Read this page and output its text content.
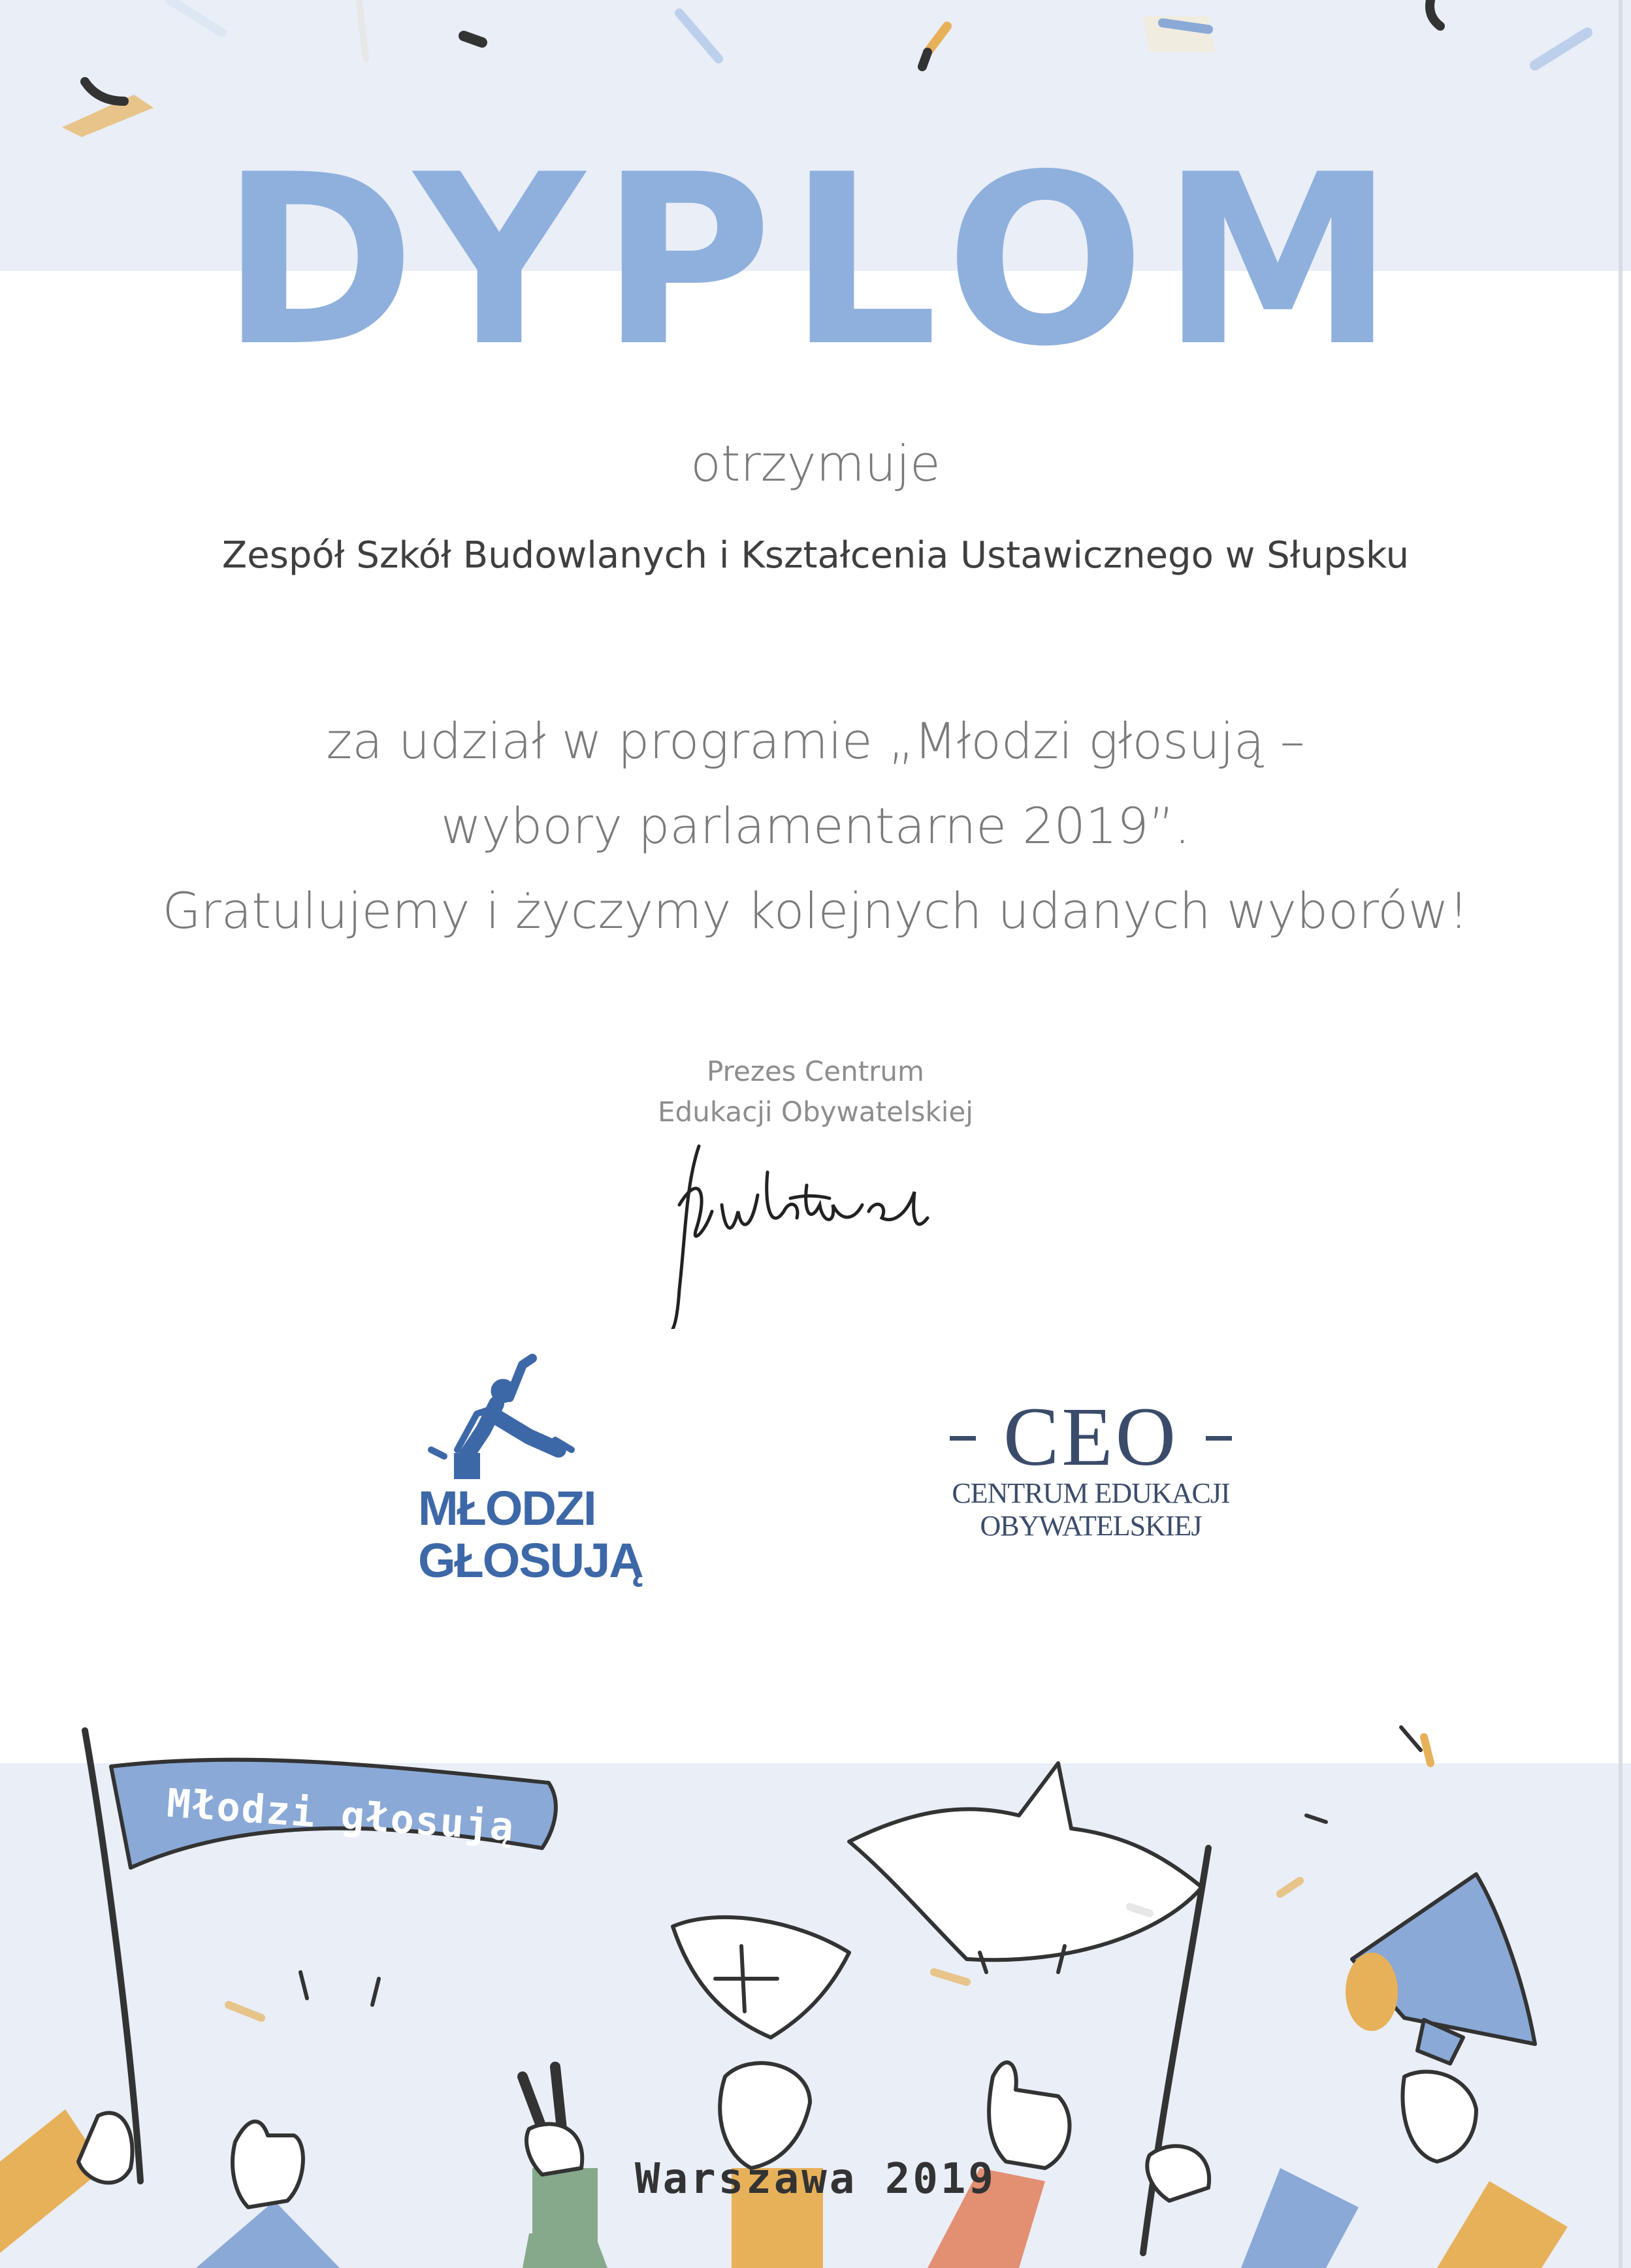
DYPLOM
otrzymuje
Zespół Szkół Budowlanych i Kształcenia Ustawicznego w Słupsku
za udział w programie „Młodzi głosują –
wybory parlamentarne 2019”.
Gratulujemy i życzymy kolejnych udanych wyborów!
Prezes Centrum
Edukacji Obywatelskiej
MŁODZI
GŁOSUJĄ
CEO
CENTRUM EDUKACJI
OBYWATELSKIEJ
Młodzi głosują
Warszawa 2019
